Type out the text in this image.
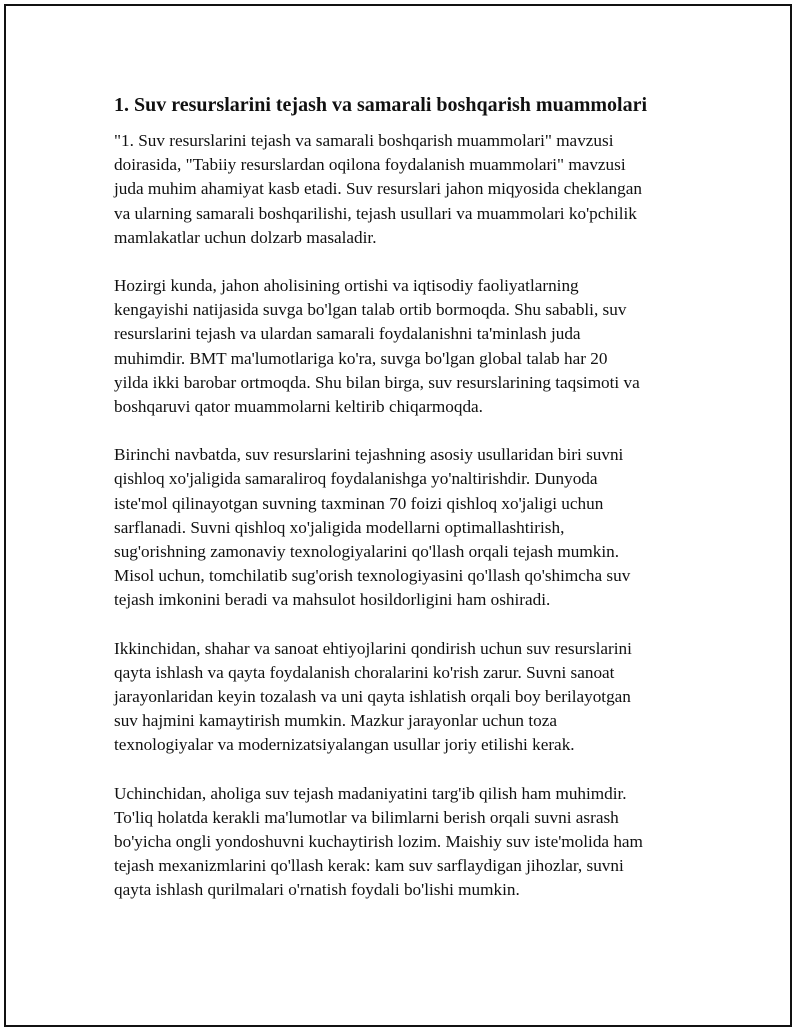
1. Suv resurslarini tejash va samarali boshqarish muammolari

"1. Suv resurslarini tejash va samarali boshqarish muammolari" mavzusi
doirasida, "Tabiiy resurslardan oqilona foydalanish muammolari" mavzusi
juda muhim ahamiyat kasb etadi. Suv resurslari jahon miqyosida cheklangan
va ularning samarali boshqarilishi, tejash usullari va muammolari ko'pchilik
mamlakatlar uchun dolzarb masaladir.

Hozirgi kunda, jahon aholisining ortishi va iqtisodiy faoliyatlarning
kengayishi natijasida suvga bo'lgan talab ortib bormoqda. Shu sababli, suv
resurslarini tejash va ulardan samarali foydalanishni ta'minlash juda
muhimdir. BMT ma'lumotlariga ko'ra, suvga bo'lgan global talab har 20
yilda ikki barobar ortmoqda. Shu bilan birga, suv resurslarining taqsimoti va
boshqaruvi qator muammolarni keltirib chiqarmoqda.

Birinchi navbatda, suv resurslarini tejashning asosiy usullaridan biri suvni
qishloq xo'jaligida samaraliroq foydalanishga yo'naltirishdir. Dunyoda
iste'mol qilinayotgan suvning taxminan 70 foizi qishloq xo'jaligi uchun
sarflanadi. Suvni qishloq xo'jaligida modellarni optimallashtirish,
sug'orishning zamonaviy texnologiyalarini qo'llash orqali tejash mumkin.
Misol uchun, tomchilatib sug'orish texnologiyasini qo'llash qo'shimcha suv
tejash imkonini beradi va mahsulot hosildorligini ham oshiradi.

Ikkinchidan, shahar va sanoat ehtiyojlarini qondirish uchun suv resurslarini
qayta ishlash va qayta foydalanish choralarini ko'rish zarur. Suvni sanoat
jarayonlaridan keyin tozalash va uni qayta ishlatish orqali boy berilayotgan
suv hajmini kamaytirish mumkin. Mazkur jarayonlar uchun toza
texnologiyalar va modernizatsiyalangan usullar joriy etilishi kerak.

Uchinchidan, aholiga suv tejash madaniyatini targ'ib qilish ham muhimdir.
To'liq holatda kerakli ma'lumotlar va bilimlarni berish orqali suvni asrash
bo'yicha ongli yondoshuvni kuchaytirish lozim. Maishiy suv iste'molida ham
tejash mexanizmlarini qo'llash kerak: kam suv sarflaydigan jihozlar, suvni
qayta ishlash qurilmalari o'rnatish foydali bo'lishi mumkin.
